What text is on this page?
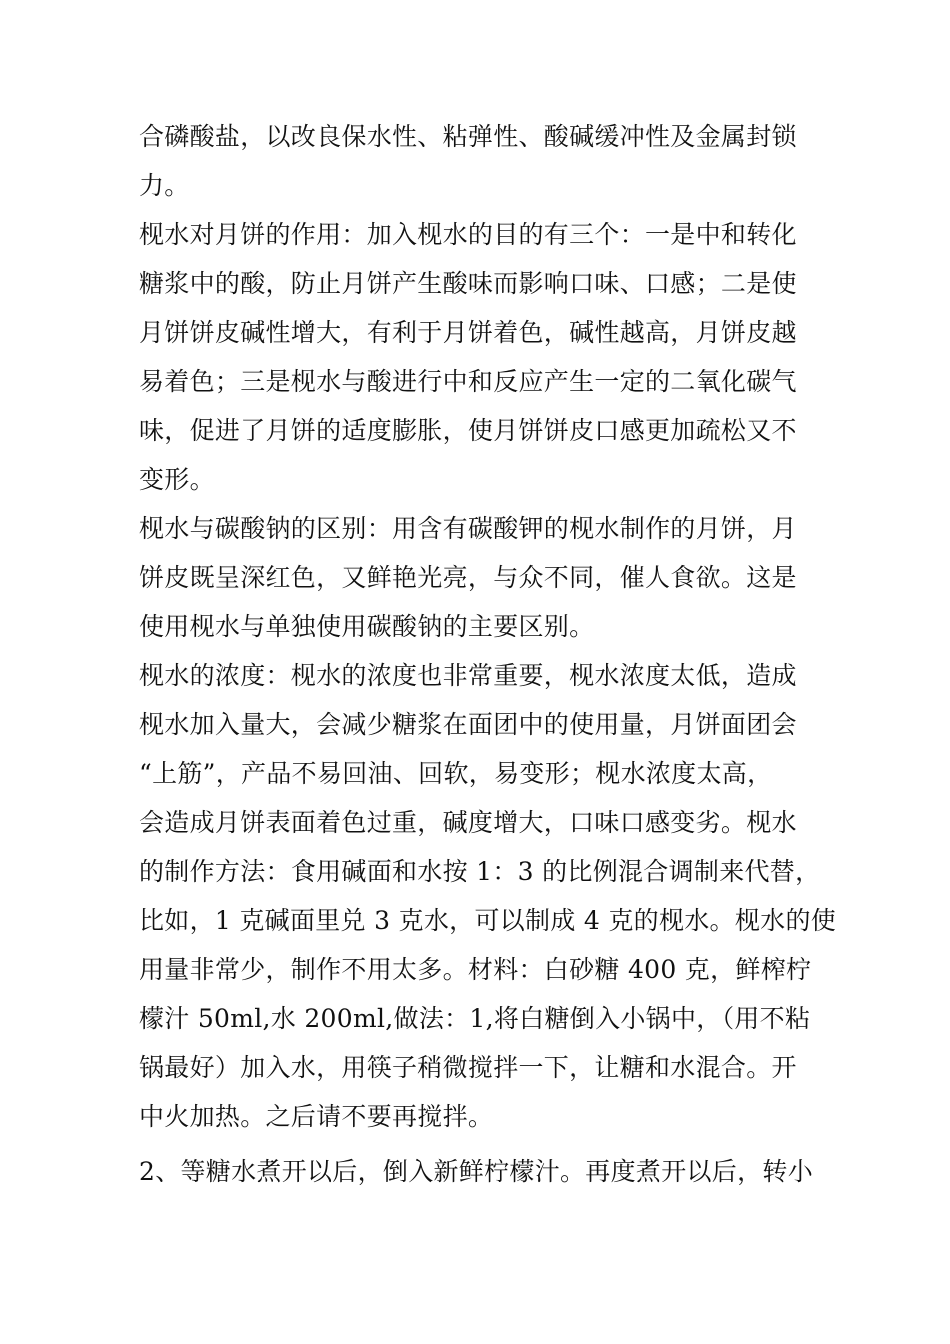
合磷酸盐，以改良保水性、粘弹性、酸碱缓冲性及金属封锁
力。
枧水对月饼的作用：加入枧水的目的有三个：一是中和转化
糖浆中的酸，防止月饼产生酸味而影响口味、口感；二是使
月饼饼皮碱性增大，有利于月饼着色，碱性越高，月饼皮越
易着色；三是枧水与酸进行中和反应产生一定的二氧化碳气
味，促进了月饼的适度膨胀，使月饼饼皮口感更加疏松又不
变形。
枧水与碳酸钠的区别：用含有碳酸钾的枧水制作的月饼，月
饼皮既呈深红色，又鲜艳光亮，与众不同，催人食欲。这是
使用枧水与单独使用碳酸钠的主要区别。
枧水的浓度：枧水的浓度也非常重要，枧水浓度太低，造成
枧水加入量大，会减少糖浆在面团中的使用量，月饼面团会
“上筋”，产品不易回油、回软，易变形；枧水浓度太高，
会造成月饼表面着色过重，碱度增大，口味口感变劣。枧水
的制作方法：食用碱面和水按 1：3 的比例混合调制来代替，
比如，1 克碱面里兑 3 克水，可以制成 4 克的枧水。枧水的使
用量非常少，制作不用太多。材料：白砂糖 400 克，鲜榨柠
檬汁 50ml,水 200ml,做法：1,将白糖倒入小锅中，（用不粘
锅最好）加入水，用筷子稍微搅拌一下，让糖和水混合。开
中火加热。之后请不要再搅拌。
2、等糖水煮开以后，倒入新鲜柠檬汁。再度煮开以后，转小
